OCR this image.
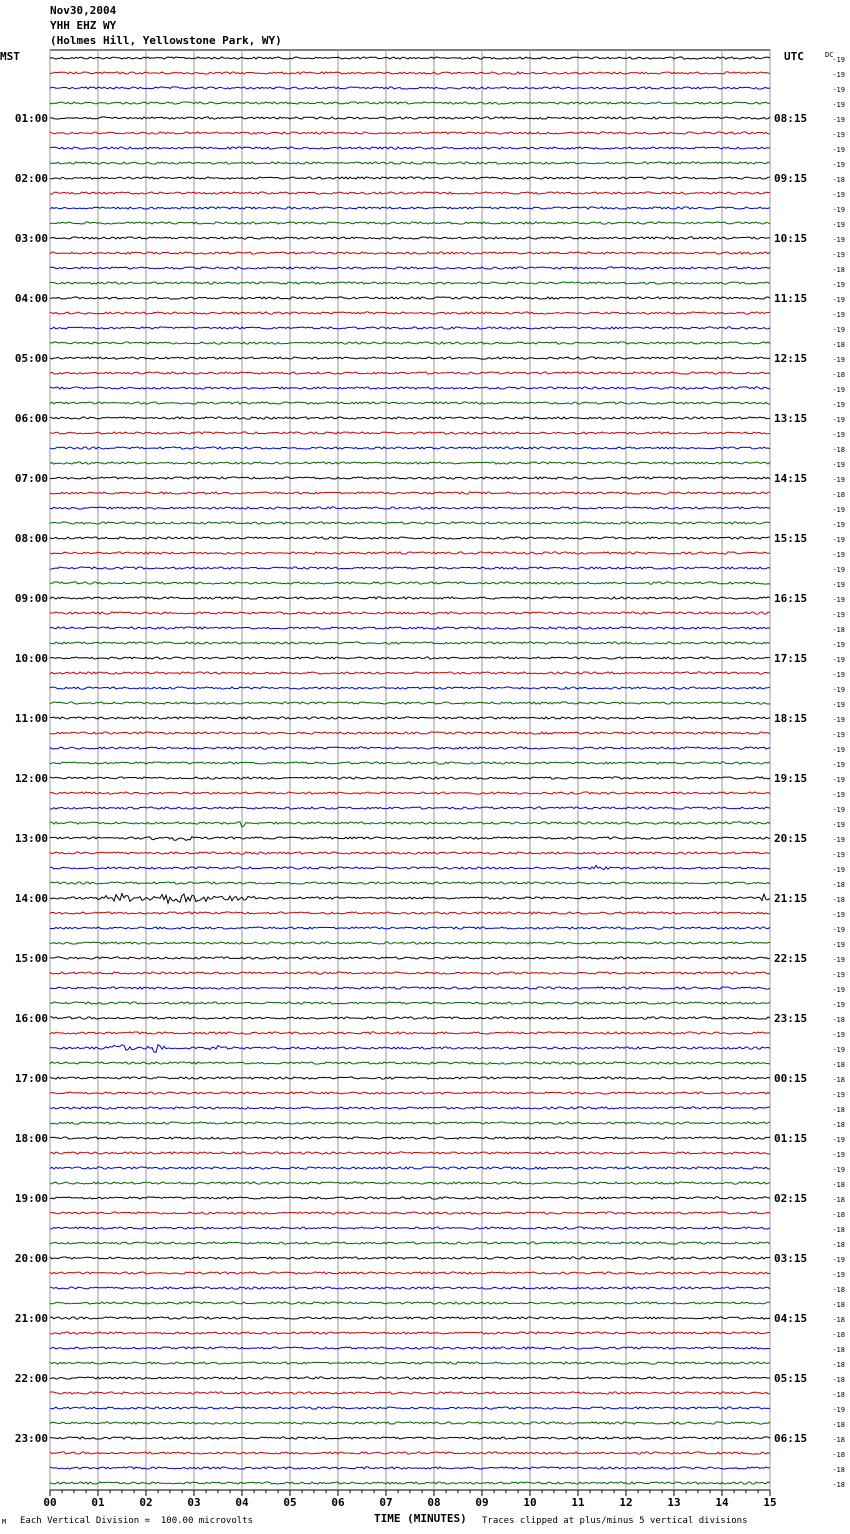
Nov30,2004
YHH EHZ WY
(Holmes Hill, Yellowstone Park, WY)
MST	UTC
00	01	02	03	04	05	06	07	08	09	10	11	12	13	14	15
-19
-19
-19
-19
-19
-19
-19
-19
-18
-19
-19
-19
-19
-19
-18
-19
-19
-19
-19
-18
-19
-18
-19
-19
-19
-19
-18
-19
-19
-18
-19
-19
-19
-19
-19
-19
-19
-19
-18
-19
-19
-19
-19
-19
-19
-19
-19
-19
-19
-19
-19
-19
-19
-19
-19
-18
-18
-19
-19
-19
-19
-19
-19
-19
-18
-19
-19
-18
-18
-19
-18
-18
-19
-19
-19
-18
-18
-18
-18
-18
-19
-19
-18
-18
-18
-18
-18
-18
-18
-18
-19
-18
-18
-18
-18
-18
01:00
02:00
03:00
04:00
05:00
06:00
07:00
08:00
09:00
10:00
11:00
12:00
13:00
14:00
15:00
16:00
17:00
18:00
19:00
20:00
21:00
22:00
23:00
08:15
09:15
10:15
11:15
12:15
13:15
14:15
15:15
16:15
17:15
18:15
19:15
20:15
21:15
22:15
23:15
00:15
01:15
02:15
03:15
04:15
05:15
06:15
DC
M Each Vertical Division =  100.00 microvolts	TIME (MINUTES) Traces clipped at plus/minus 5 vertical divisions
